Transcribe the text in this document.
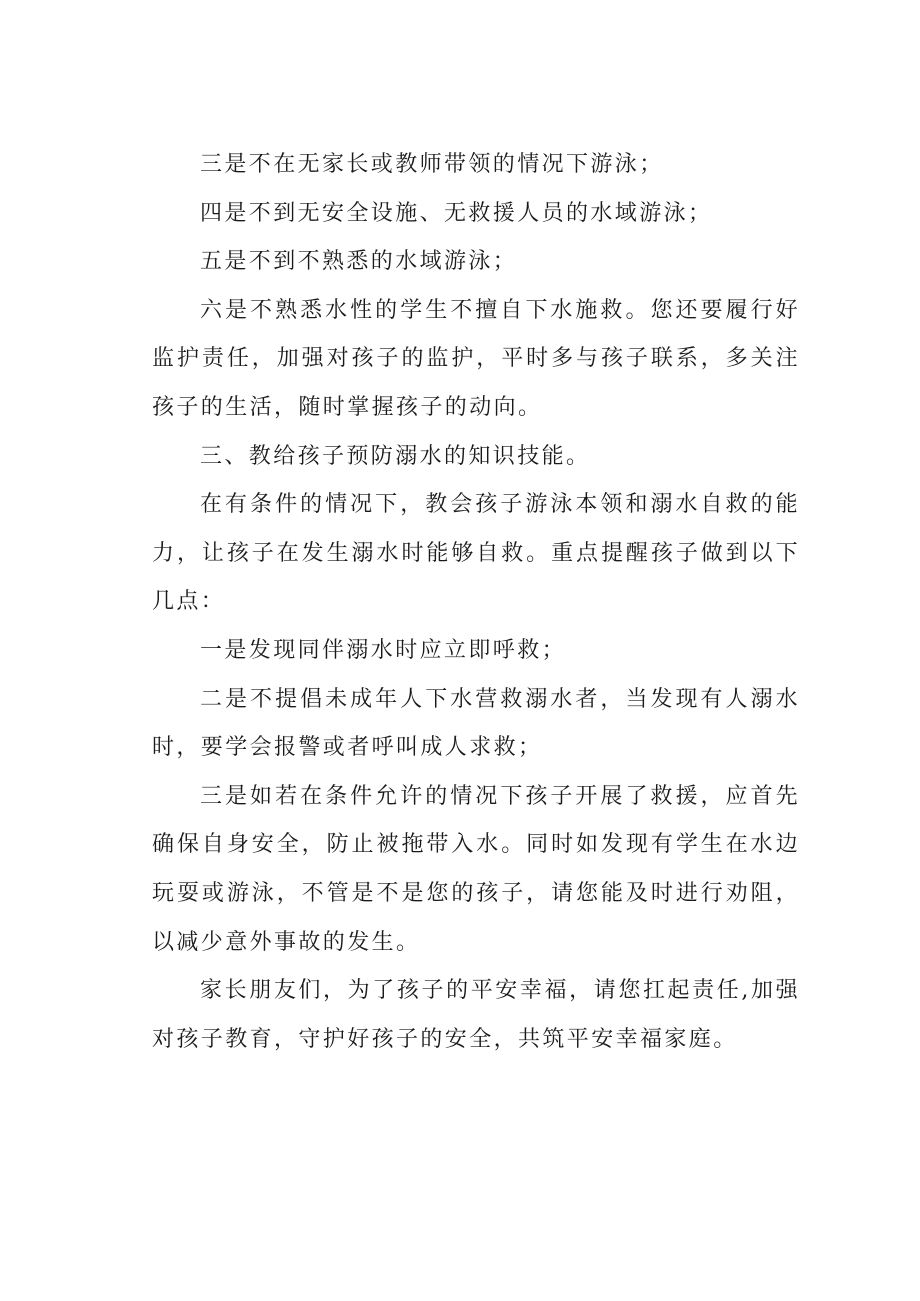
三是不在无家长或教师带领的情况下游泳；

四是不到无安全设施、无救援人员的水域游泳；

五是不到不熟悉的水域游泳；

六是不熟悉水性的学生不擅自下水施救。您还要履行好监护责任，加强对孩子的监护，平时多与孩子联系，多关注孩子的生活，随时掌握孩子的动向。

三、教给孩子预防溺水的知识技能。

在有条件的情况下，教会孩子游泳本领和溺水自救的能力，让孩子在发生溺水时能够自救。重点提醒孩子做到以下几点：

一是发现同伴溺水时应立即呼救；

二是不提倡未成年人下水营救溺水者，当发现有人溺水时，要学会报警或者呼叫成人求救；

三是如若在条件允许的情况下孩子开展了救援，应首先确保自身安全，防止被拖带入水。同时如发现有学生在水边玩耍或游泳，不管是不是您的孩子，请您能及时进行劝阻，以减少意外事故的发生。

家长朋友们，为了孩子的平安幸福，请您扛起责任,加强对孩子教育，守护好孩子的安全，共筑平安幸福家庭。
